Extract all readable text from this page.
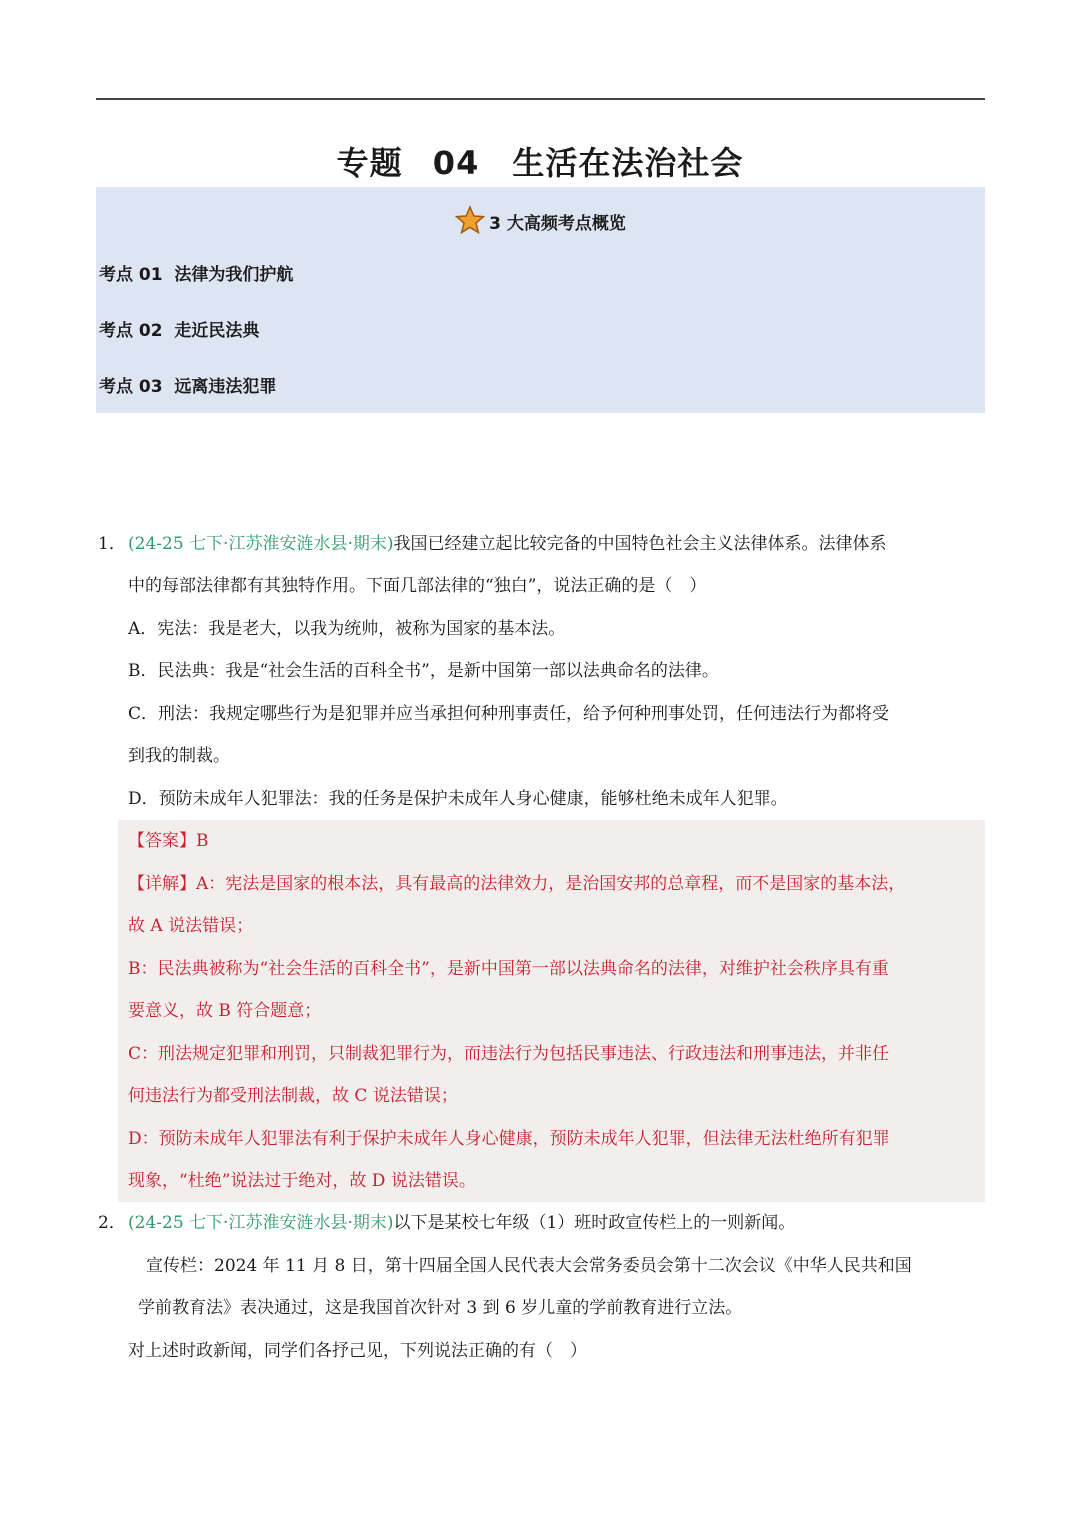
专题 04　生活在法治社会
3 大高频考点概览
考点 01  法律为我们护航
考点 02  走近民法典
考点 03  远离违法犯罪
1． (24-25 七下·江苏淮安涟水县·期末)我国已经建立起比较完备的中国特色社会主义法律体系。法律体系
中的每部法律都有其独特作用。下面几部法律的“独白”，说法正确的是（　）
A．宪法：我是老大，以我为统帅，被称为国家的基本法。
B．民法典：我是“社会生活的百科全书”，是新中国第一部以法典命名的法律。
C．刑法：我规定哪些行为是犯罪并应当承担何种刑事责任，给予何种刑事处罚，任何违法行为都将受
到我的制裁。
D．预防未成年人犯罪法：我的任务是保护未成年人身心健康，能够杜绝未成年人犯罪。
【答案】B
【详解】A：宪法是国家的根本法，具有最高的法律效力，是治国安邦的总章程，而不是国家的基本法，
故 A 说法错误；
B：民法典被称为“社会生活的百科全书”，是新中国第一部以法典命名的法律，对维护社会秩序具有重
要意义，故 B 符合题意；
C：刑法规定犯罪和刑罚，只制裁犯罪行为，而违法行为包括民事违法、行政违法和刑事违法，并非任
何违法行为都受刑法制裁，故 C 说法错误；
D：预防未成年人犯罪法有利于保护未成年人身心健康，预防未成年人犯罪，但法律无法杜绝所有犯罪
现象，“杜绝”说法过于绝对，故 D 说法错误。
2． (24-25 七下·江苏淮安涟水县·期末)以下是某校七年级（1）班时政宣传栏上的一则新闻。
宣传栏：2024 年 11 月 8 日，第十四届全国人民代表大会常务委员会第十二次会议《中华人民共和国
学前教育法》表决通过，这是我国首次针对 3 到 6 岁儿童的学前教育进行立法。
对上述时政新闻，同学们各抒己见，下列说法正确的有（　）
